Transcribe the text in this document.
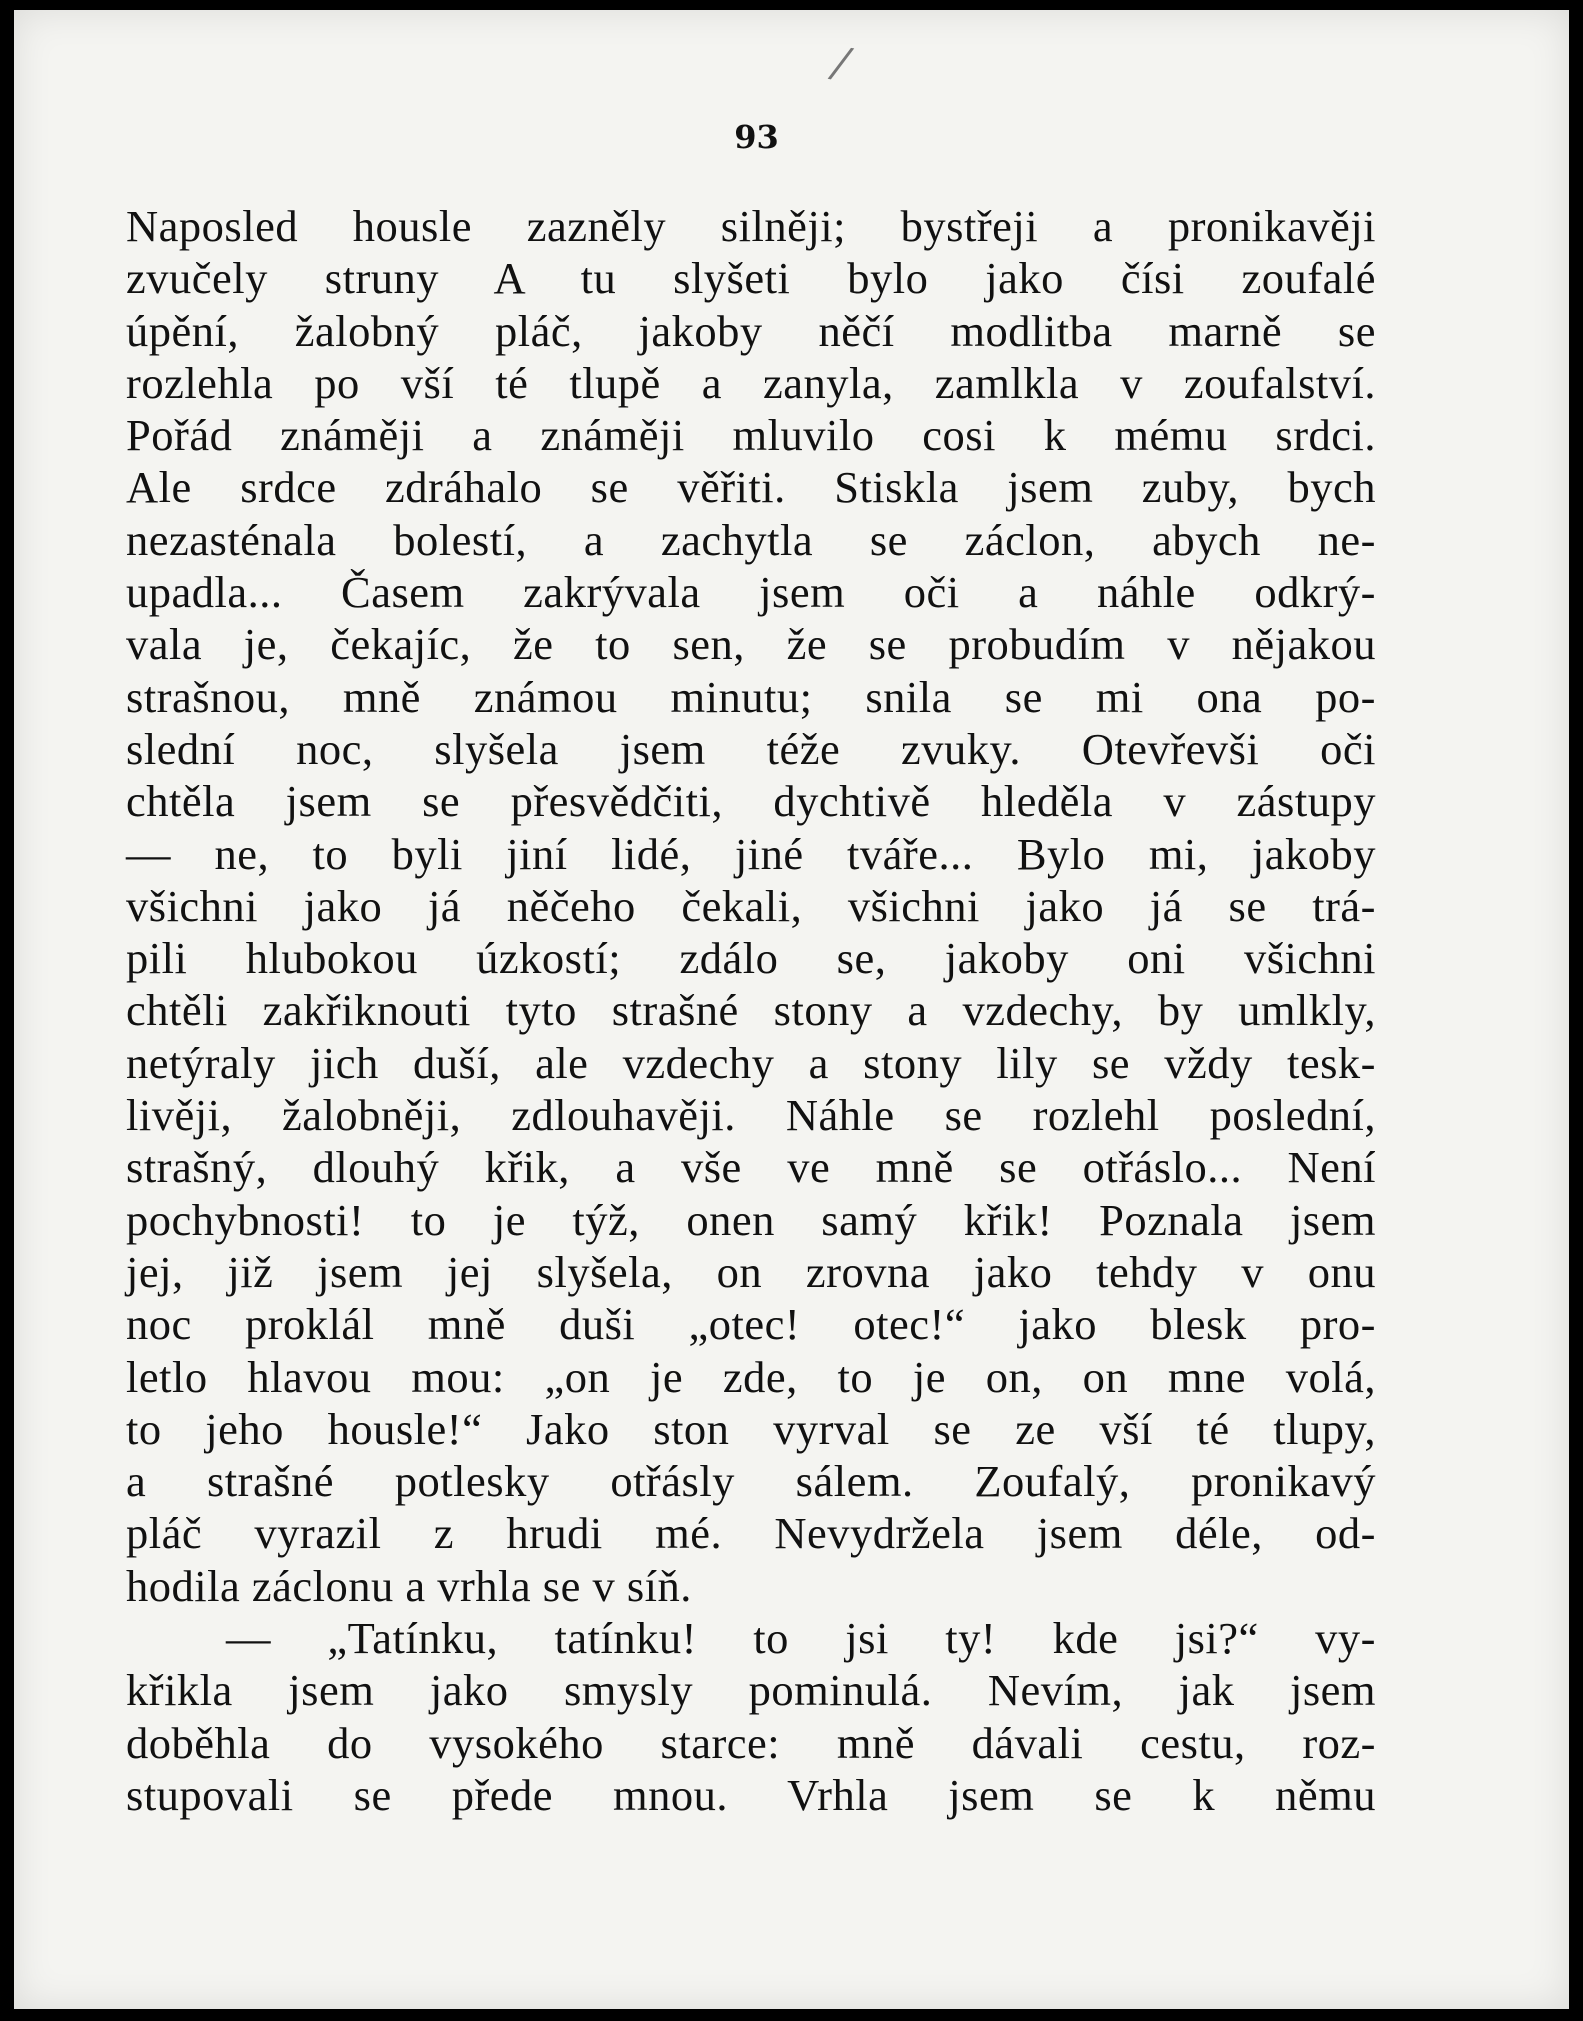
/
93
Naposled housle zazněly silněji; bystřeji a pronikavěji
zvučely struny A tu slyšeti bylo jako čísi zoufalé
úpění, žalobný pláč, jakoby něčí modlitba marně se
rozlehla po vší té tlupě a zanyla, zamlkla v zoufalství.
Pořád známěji a známěji mluvilo cosi k mému srdci.
Ale srdce zdráhalo se věřiti. Stiskla jsem zuby, bych
nezasténala bolestí, a zachytla se záclon, abych ne-
upadla... Časem zakrývala jsem oči a náhle odkrý-
vala je, čekajíc, že to sen, že se probudím v nějakou
strašnou, mně známou minutu; snila se mi ona po-
slední noc, slyšela jsem téže zvuky. Otevřevši oči
chtěla jsem se přesvědčiti, dychtivě hleděla v zástupy
— ne, to byli jiní lidé, jiné tváře... Bylo mi, jakoby
všichni jako já něčeho čekali, všichni jako já se trá-
pili hlubokou úzkostí; zdálo se, jakoby oni všichni
chtěli zakřiknouti tyto strašné stony a vzdechy, by umlkly,
netýraly jich duší, ale vzdechy a stony lily se vždy tesk-
livěji, žalobněji, zdlouhavěji. Náhle se rozlehl poslední,
strašný, dlouhý křik, a vše ve mně se otřáslo... Není
pochybnosti! to je týž, onen samý křik! Poznala jsem
jej, již jsem jej slyšela, on zrovna jako tehdy v onu
noc proklál mně duši „otec! otec!“ jako blesk pro-
letlo hlavou mou: „on je zde, to je on, on mne volá,
to jeho housle!“ Jako ston vyrval se ze vší té tlupy,
a strašné potlesky otřásly sálem. Zoufalý, pronikavý
pláč vyrazil z hrudi mé. Nevydržela jsem déle, od-
hodila záclonu a vrhla se v síň.
— „Tatínku, tatínku! to jsi ty! kde jsi?“ vy-
křikla jsem jako smysly pominulá. Nevím, jak jsem
doběhla do vysokého starce: mně dávali cestu, roz-
stupovali se přede mnou. Vrhla jsem se k němu
